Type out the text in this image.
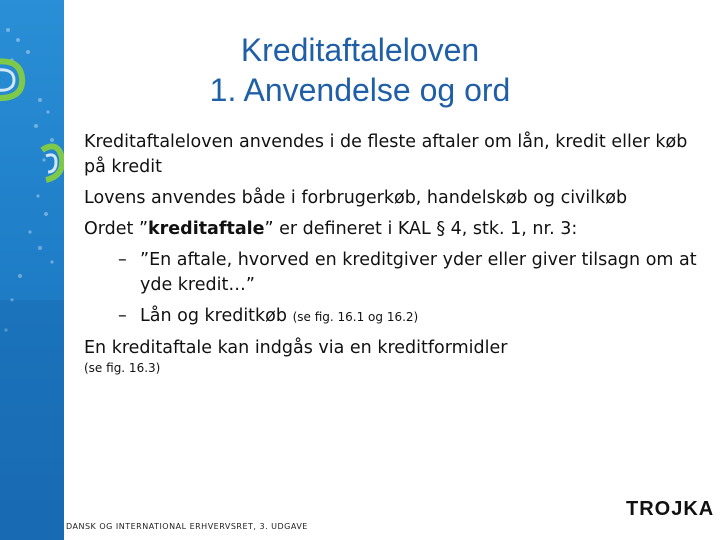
Kreditaftaleloven
1. Anvendelse og ord
Kreditaftaleloven anvendes i de fleste aftaler om lån, kredit eller køb på kredit
Lovens anvendes både i forbrugerkøb, handelskøb og civilkøb
Ordet ”kreditaftale” er defineret i KAL § 4, stk. 1, nr. 3:
– ”En aftale, hvorved en kreditgiver yder eller giver tilsagn om at yde kredit…”
– Lån og kreditkøb (se fig. 16.1 og 16.2)
En kreditaftale kan indgås via en kreditformidler
(se fig. 16.3)
DANSK OG INTERNATIONAL ERHVERVSRET, 3. UDGAVE
TROJKA
